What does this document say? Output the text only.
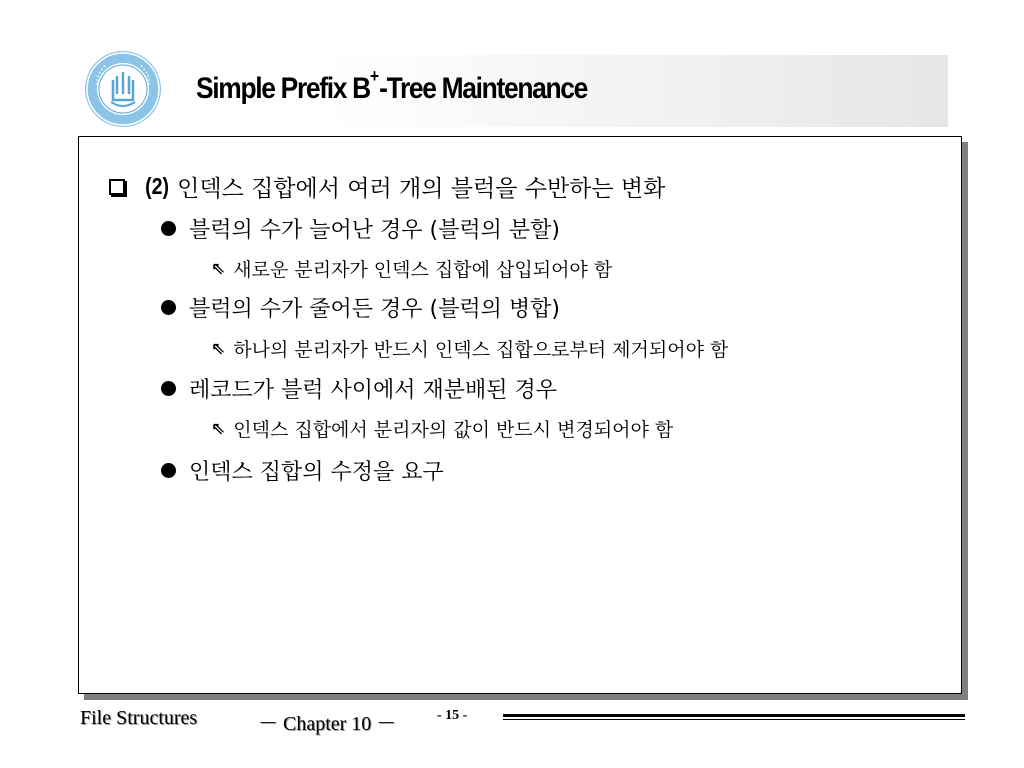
Simple Prefix B+-Tree Maintenance
(2) 인덱스 집합에서 여러 개의 블럭을 수반하는 변화
블럭의 수가 늘어난 경우 (블럭의 분할)
⇖ 새로운 분리자가 인덱스 집합에 삽입되어야 함
블럭의 수가 줄어든 경우 (블럭의 병합)
⇖ 하나의 분리자가 반드시 인덱스 집합으로부터 제거되어야 함
레코드가 블럭 사이에서 재분배된 경우
⇖ 인덱스 집합에서 분리자의 값이 반드시 변경되어야 함
인덱스 집합의 수정을 요구
File Structures	－ Chapter 10 －	- 15 -
